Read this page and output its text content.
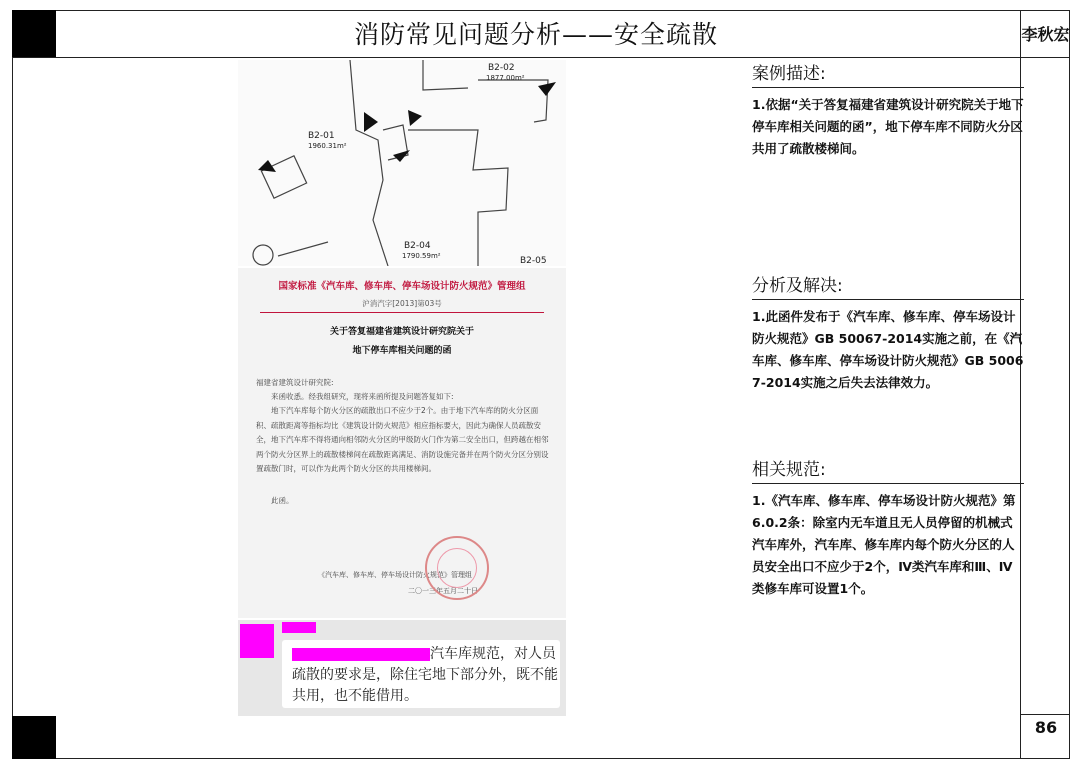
消防常见问题分析——安全疏散	李秋宏
86
B2-01
1960.31m²
B2-02
1877.00m²
B2-04
1790.59m²	B2-05
国家标准《汽车库、修车库、停车场设计防火规范》管理组
沪消汽字[2013]第03号
关于答复福建省建筑设计研究院关于
地下停车库相关问题的函
福建省建筑设计研究院:
来函收悉。经我组研究，现将来函所提及问题答复如下:
地下汽车库每个防火分区的疏散出口不应少于2个。由于地下汽车库的防火分区面积、疏散距离等指标均比《建筑设计防火规范》相应指标要大，因此为确保人员疏散安全，地下汽车库不得将通向相邻防火分区的甲级防火门作为第二安全出口，但跨越在相邻两个防火分区界上的疏散楼梯间在疏散距离满足、消防设施完备并在两个防火分区分别设置疏散门时，可以作为此两个防火分区的共用楼梯间。
此函。
《汽车库、修车库、停车场设计防火规范》管理组
二〇一三年五月二十日
汽车库规范，对人员
疏散的要求是，除住宅地下部分外，既不能共用，也不能借用。
案例描述:
1.依据“关于答复福建省建筑设计研究院关于地下停车库相关问题的函”，地下停车库不同防火分区共用了疏散楼梯间。
分析及解决:
1.此函件发布于《汽车库、修车库、停车场设计防火规范》GB 50067-2014实施之前，在《汽车库、修车库、停车场设计防火规范》GB 50067-2014实施之后失去法律效力。
相关规范:
1.《汽车库、修车库、停车场设计防火规范》第6.0.2条：除室内无车道且无人员停留的机械式汽车库外，汽车库、修车库内每个防火分区的人员安全出口不应少于2个，Ⅳ类汽车库和Ⅲ、Ⅳ类修车库可设置1个。
